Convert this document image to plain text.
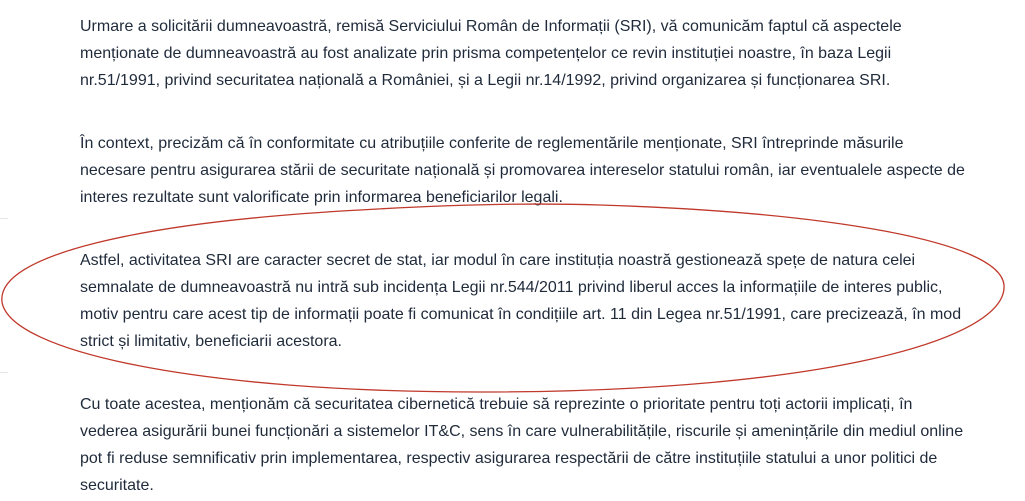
Urmare a solicitării dumneavoastră, remisă Serviciului Român de Informații (SRI), vă comunicăm faptul că aspectele
menționate de dumneavoastră au fost analizate prin prisma competențelor ce revin instituției noastre, în baza Legii
nr.51/1991, privind securitatea națională a României, și a Legii nr.14/1992, privind organizarea și funcționarea SRI.

În context, precizăm că în conformitate cu atribuțiile conferite de reglementările menționate, SRI întreprinde măsurile
necesare pentru asigurarea stării de securitate națională și promovarea intereselor statului român, iar eventualele aspecte de
interes rezultate sunt valorificate prin informarea beneficiarilor legali.

Astfel, activitatea SRI are caracter secret de stat, iar modul în care instituția noastră gestionează spețe de natura celei
semnalate de dumneavoastră nu intră sub incidența Legii nr.544/2011 privind liberul acces la informațiile de interes public,
motiv pentru care acest tip de informații poate fi comunicat în condițiile art. 11 din Legea nr.51/1991, care precizează, în mod
strict și limitativ, beneficiarii acestora.

Cu toate acestea, menționăm că securitatea cibernetică trebuie să reprezinte o prioritate pentru toți actorii implicați, în
vederea asigurării bunei funcționări a sistemelor IT&C, sens în care vulnerabilitățile, riscurile și amenințările din mediul online
pot fi reduse semnificativ prin implementarea, respectiv asigurarea respectării de către instituțiile statului a unor politici de
securitate.
